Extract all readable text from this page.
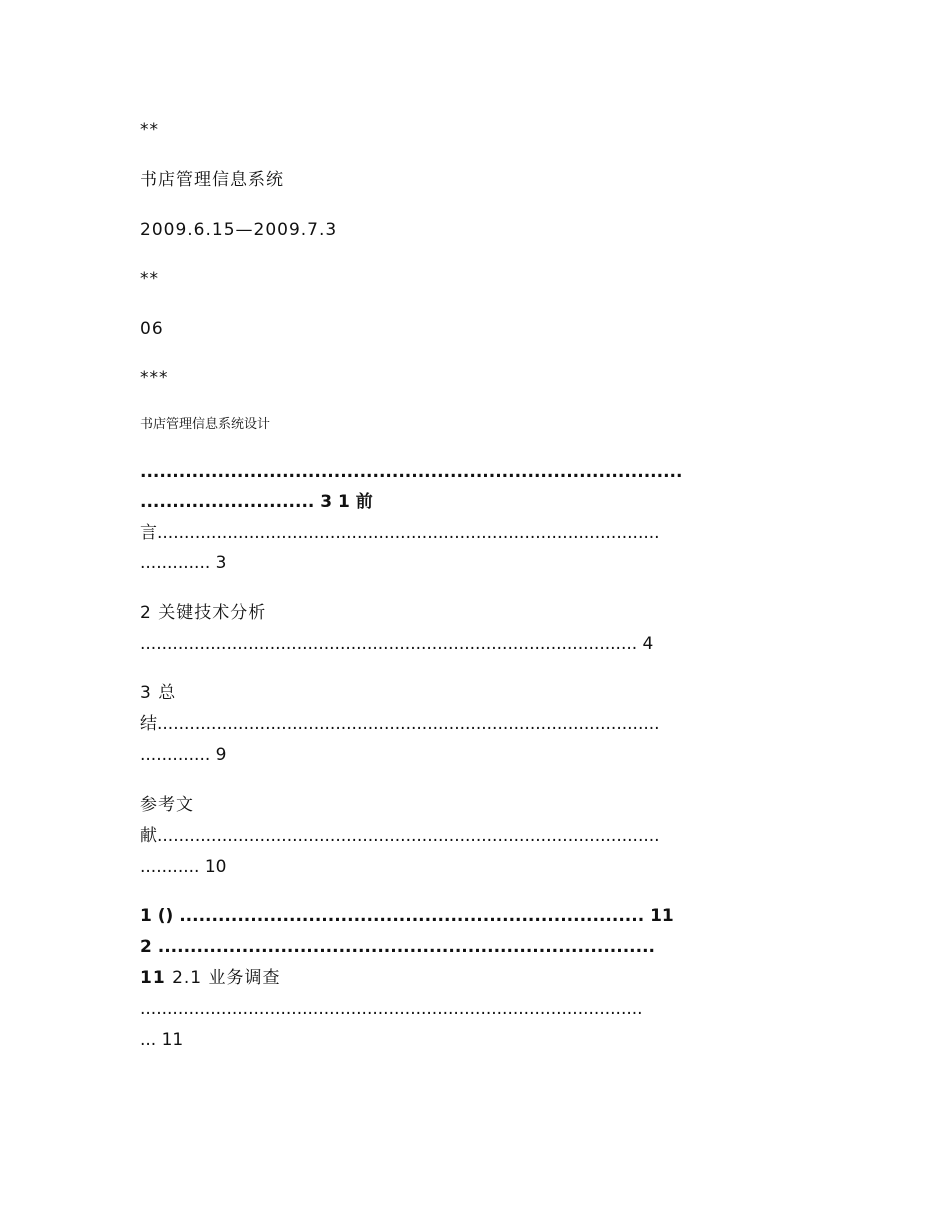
**
书店管理信息系统
2009.6.15—2009.7.3
**
06
***
书店管理信息系统设计
....................................................................................
........................... 3 1 前
言.............................................................................................
............. 3
2 关键技术分析
............................................................................................ 4
3 总
结.............................................................................................
............. 9
参考文
献.............................................................................................
........... 10
1 () ........................................................................ 11
2 .............................................................................
11 2.1 业务调查
.............................................................................................
... 11
